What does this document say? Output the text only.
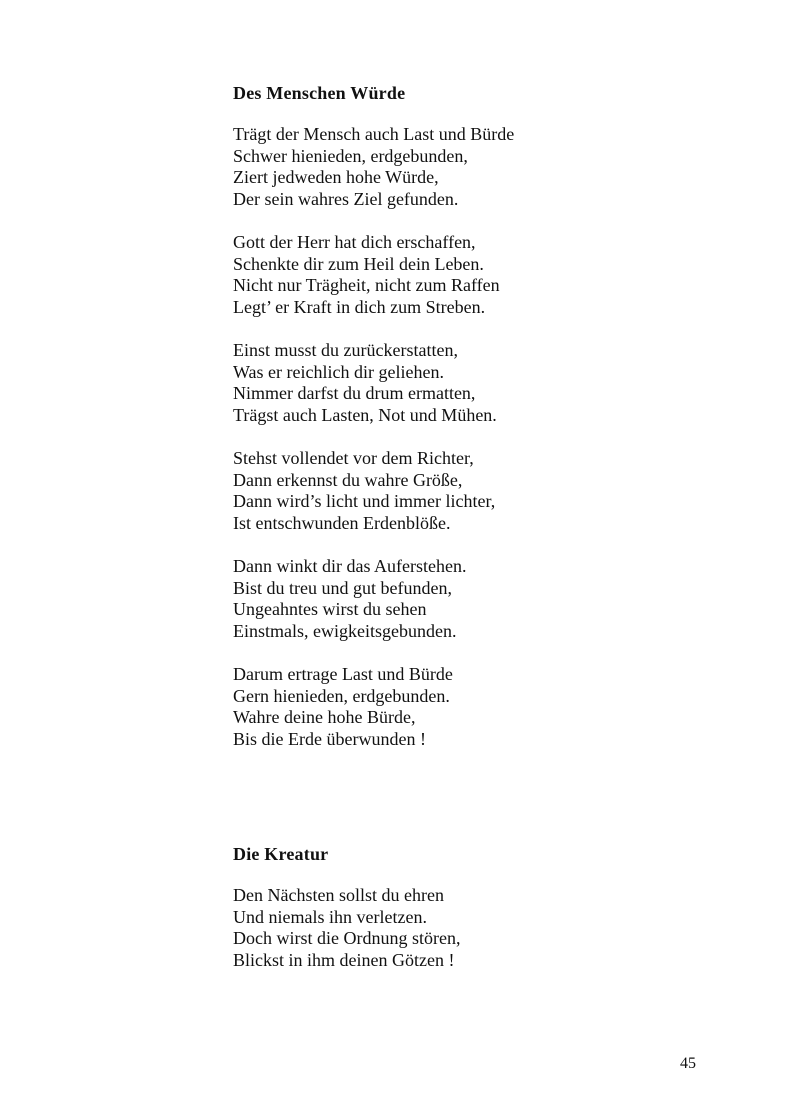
Des Menschen Würde
Trägt der Mensch auch Last und Bürde
Schwer hienieden, erdgebunden,
Ziert jedweden hohe Würde,
Der sein wahres Ziel gefunden.
Gott der Herr hat dich erschaffen,
Schenkte dir zum Heil dein Leben.
Nicht nur Trägheit, nicht zum Raffen
Legt’ er Kraft in dich zum Streben.
Einst musst du zurückerstatten,
Was er reichlich dir geliehen.
Nimmer darfst du drum ermatten,
Trägst auch Lasten, Not und Mühen.
Stehst vollendet vor dem Richter,
Dann erkennst du wahre Größe,
Dann wird’s licht und immer lichter,
Ist entschwunden Erdenblöße.
Dann winkt dir das Auferstehen.
Bist du treu und gut befunden,
Ungeahntes wirst du sehen
Einstmals, ewigkeitsgebunden.
Darum ertrage Last und Bürde
Gern hienieden, erdgebunden.
Wahre deine hohe Bürde,
Bis die Erde überwunden !
Die Kreatur
Den Nächsten sollst du ehren
Und niemals ihn verletzen.
Doch wirst die Ordnung stören,
Blickst in ihm deinen Götzen !
45
